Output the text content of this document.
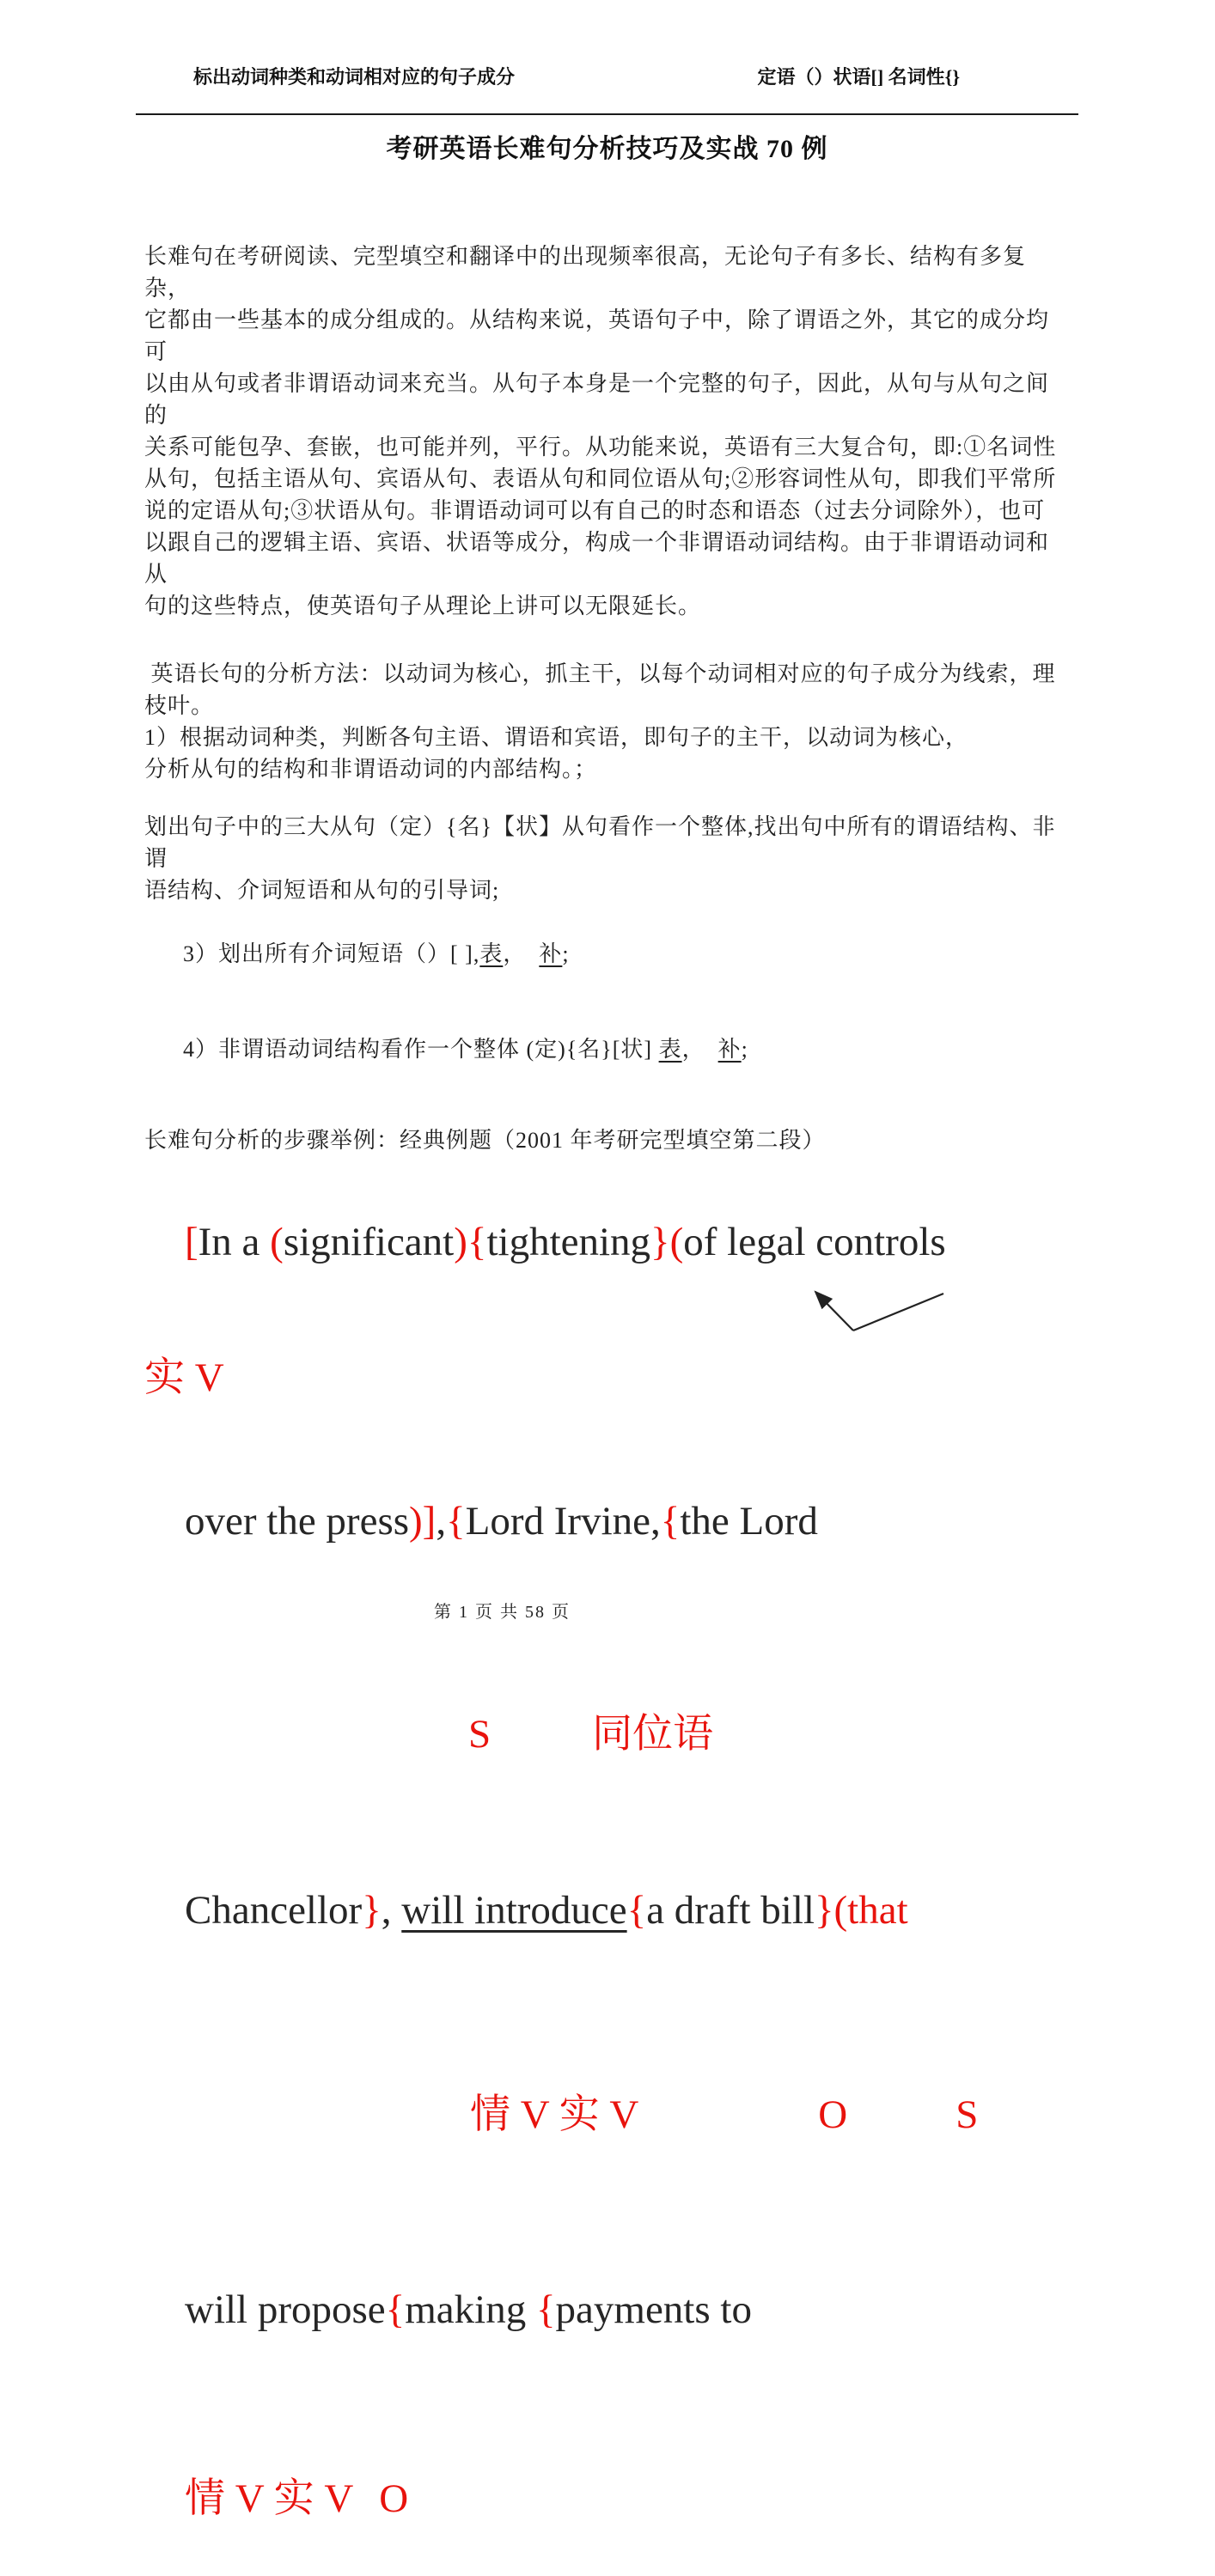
标出动词种类和动词相对应的句子成分	定语（）状语[] 名词性{}
考研英语长难句分析技巧及实战 70 例
长难句在考研阅读、完型填空和翻译中的出现频率很高，无论句子有多长、结构有多复杂，
它都由一些基本的成分组成的。从结构来说，英语句子中，除了谓语之外，其它的成分均可
以由从句或者非谓语动词来充当。从句子本身是一个完整的句子，因此，从句与从句之间的
关系可能包孕、套嵌，也可能并列，平行。从功能来说，英语有三大复合句，即:①名词性
从句，包括主语从句、宾语从句、表语从句和同位语从句;②形容词性从句，即我们平常所
说的定语从句;③状语从句。非谓语动词可以有自己的时态和语态（过去分词除外），也可
以跟自己的逻辑主语、宾语、状语等成分，构成一个非谓语动词结构。由于非谓语动词和从
句的这些特点，使英语句子从理论上讲可以无限延长。
英语长句的分析方法：以动词为核心，抓主干，以每个动词相对应的句子成分为线索，理
枝叶。
1）根据动词种类，判断各句主语、谓语和宾语，即句子的主干，以动词为核心，
分析从句的结构和非谓语动词的内部结构。；
划出句子中的三大从句（定）{名}【状】从句看作一个整体,找出句中所有的谓语结构、非谓
语结构、介词短语和从句的引导词;

3）划出所有介词短语（）[ ],表，  补;

4）非谓语动词结构看作一个整体 (定){名}[状] 表，  补;

长难句分析的步骤举例：经典例题（2001 年考研完型填空第二段）

[In a (significant){tightening}(of legal controls

实 V

over the press)],{Lord Irvine,{the Lord

S	同位语

Chancellor}, will introduce{a draft bill}(that

情 V 实 V	O	S

will propose{making {payments to

情 V 实 V O

第 1 页 共 58 页
